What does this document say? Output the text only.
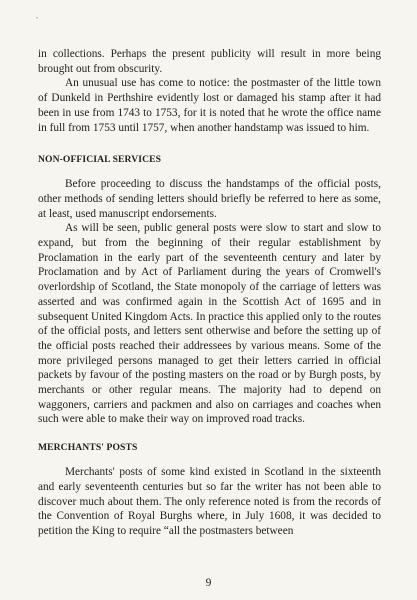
•

in collections. Perhaps the present publicity will result in more being brought out from obscurity.

An unusual use has come to notice: the postmaster of the little town of Dunkeld in Perthshire evidently lost or damaged his stamp after it had been in use from 1743 to 1753, for it is noted that he wrote the office name in full from 1753 until 1757, when another handstamp was issued to him.

NON-OFFICIAL SERVICES

Before proceeding to discuss the handstamps of the official posts, other methods of sending letters should briefly be referred to here as some, at least, used manuscript endorsements.

As will be seen, public general posts were slow to start and slow to expand, but from the beginning of their regular establishment by Proclamation in the early part of the seventeenth century and later by Proclamation and by Act of Parliament during the years of Cromwell's overlordship of Scotland, the State monopoly of the carriage of letters was asserted and was confirmed again in the Scottish Act of 1695 and in subsequent United Kingdom Acts. In practice this applied only to the routes of the official posts, and letters sent otherwise and before the setting up of the official posts reached their addressees by various means. Some of the more privileged persons managed to get their letters carried in official packets by favour of the posting masters on the road or by Burgh posts, by merchants or other regular means. The majority had to depend on waggoners, carriers and packmen and also on carriages and coaches when such were able to make their way on improved road tracks.

MERCHANTS' POSTS

Merchants' posts of some kind existed in Scotland in the sixteenth and early seventeenth centuries but so far the writer has not been able to discover much about them. The only reference noted is from the records of the Convention of Royal Burghs where, in July 1608, it was decided to petition the King to require “all the postmasters between

9
